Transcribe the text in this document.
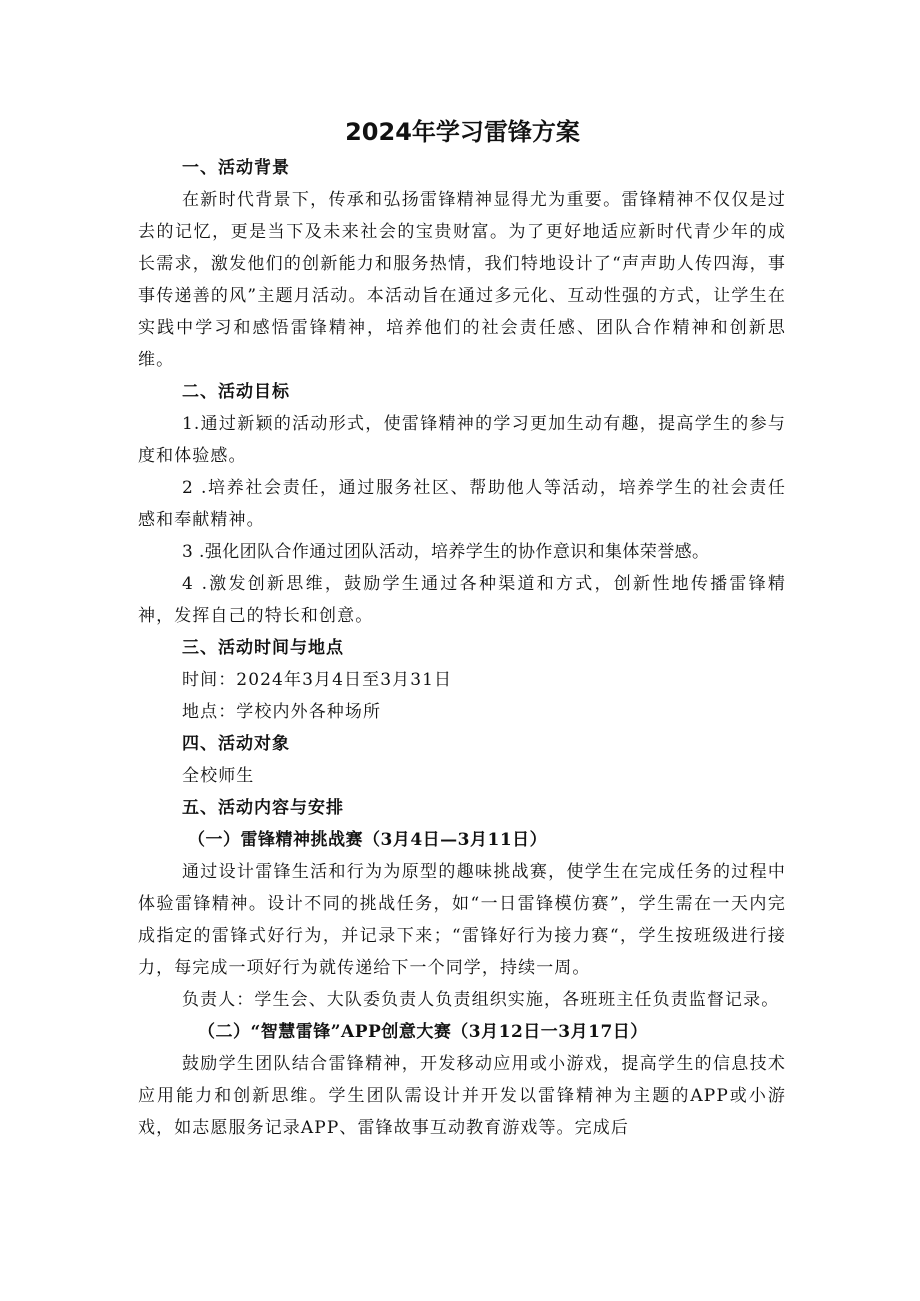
2024年学习雷锋方案
一、活动背景

在新时代背景下，传承和弘扬雷锋精神显得尤为重要。雷锋精神不仅仅是过去的记忆，更是当下及未来社会的宝贵财富。为了更好地适应新时代青少年的成长需求，激发他们的创新能力和服务热情，我们特地设计了“声声助人传四海，事事传递善的风”主题月活动。本活动旨在通过多元化、互动性强的方式，让学生在实践中学习和感悟雷锋精神，培养他们的社会责任感、团队合作精神和创新思维。

二、活动目标

1.通过新颖的活动形式，使雷锋精神的学习更加生动有趣，提高学生的参与度和体验感。

2 .培养社会责任，通过服务社区、帮助他人等活动，培养学生的社会责任感和奉献精神。

3 .强化团队合作通过团队活动，培养学生的协作意识和集体荣誉感。

4 .激发创新思维，鼓励学生通过各种渠道和方式，创新性地传播雷锋精神，发挥自己的特长和创意。

三、活动时间与地点

时间：2024年3月4日至3月31日

地点：学校内外各种场所

四、活动对象

全校师生

五、活动内容与安排
（一）雷锋精神挑战赛（3月4日—3月11日）

通过设计雷锋生活和行为为原型的趣味挑战赛，使学生在完成任务的过程中体验雷锋精神。设计不同的挑战任务，如“一日雷锋模仿赛”，学生需在一天内完成指定的雷锋式好行为，并记录下来；“雷锋好行为接力赛“，学生按班级进行接力，每完成一项好行为就传递给下一个同学，持续一周。

负责人：学生会、大队委负责人负责组织实施，各班班主任负责监督记录。

（二）“智慧雷锋”APP创意大赛（3月12日一3月17日）

鼓励学生团队结合雷锋精神，开发移动应用或小游戏，提高学生的信息技术应用能力和创新思维。学生团队需设计并开发以雷锋精神为主题的APP或小游戏，如志愿服务记录APP、雷锋故事互动教育游戏等。完成后
